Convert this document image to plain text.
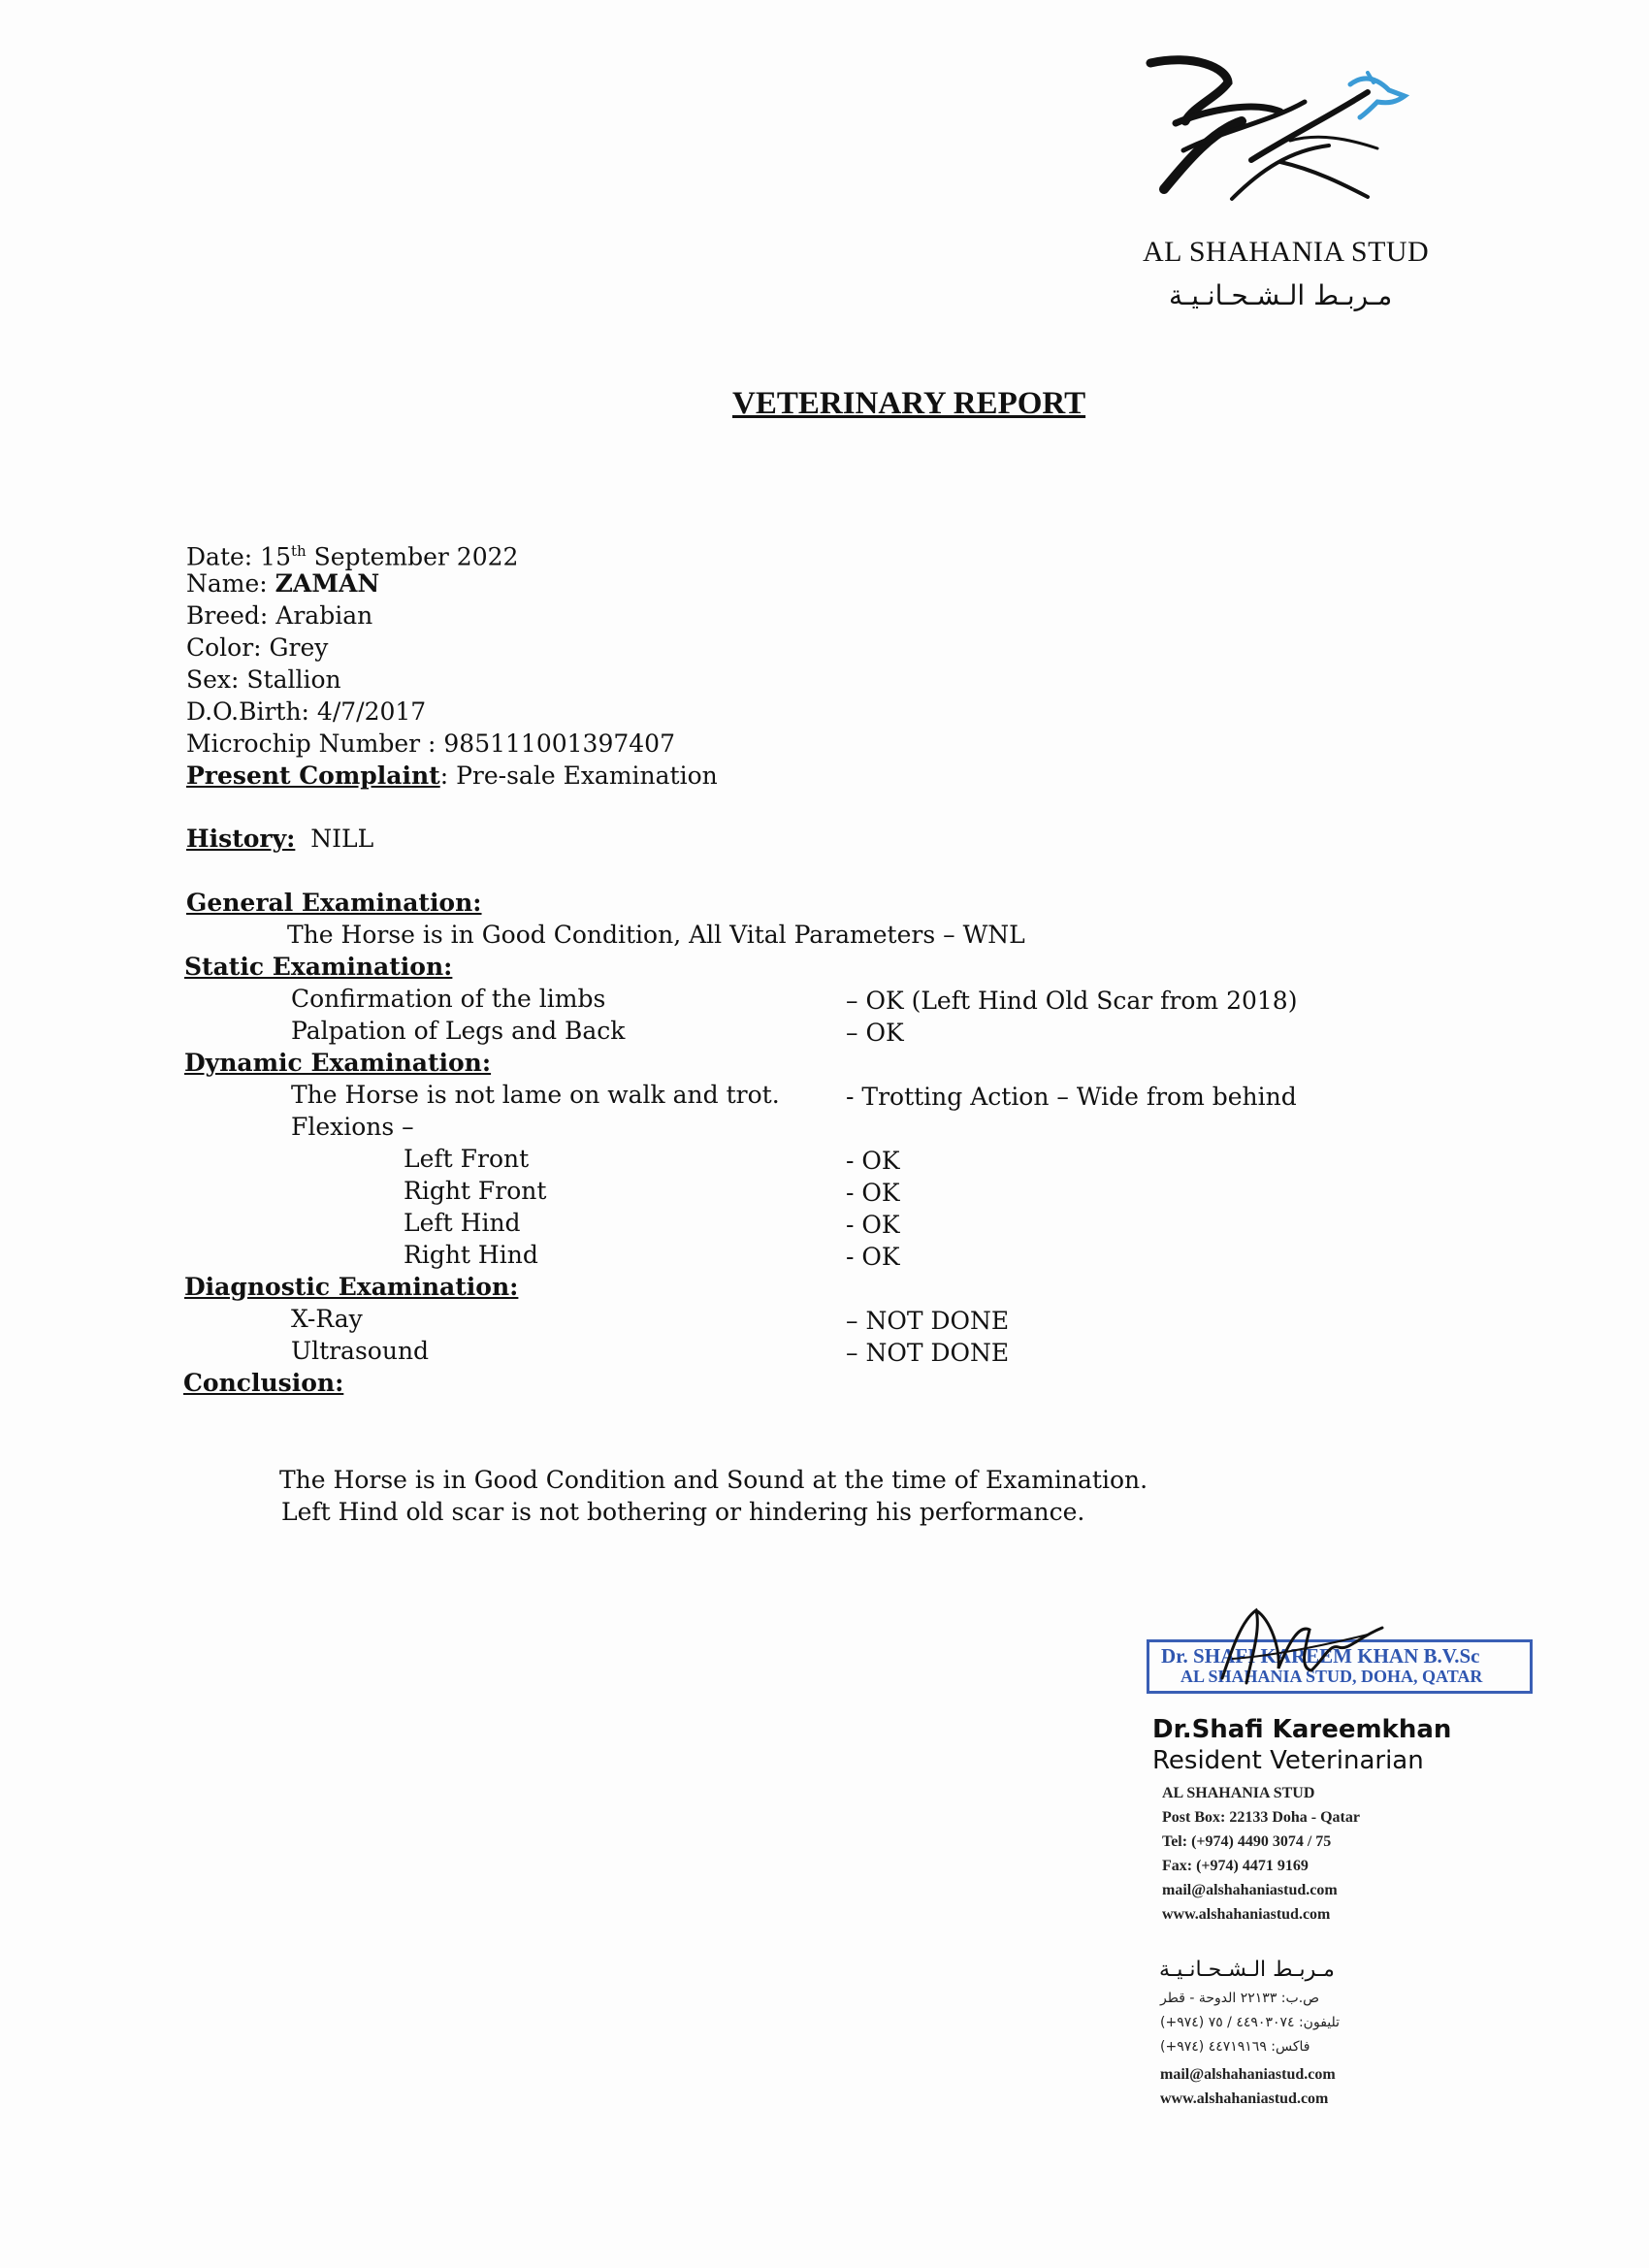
AL SHAHANIA STUD
مـربـط الـشـحـانـيـة
VETERINARY REPORT
Date: 15th September 2022
Name: ZAMAN
Breed: Arabian
Color: Grey
Sex: Stallion
D.O.Birth: 4/7/2017
Microchip Number : 985111001397407
Present Complaint: Pre-sale Examination
History: NILL
General Examination:
The Horse is in Good Condition, All Vital Parameters – WNL
Static Examination:
Confirmation of the limbs	– OK (Left Hind Old Scar from 2018)
Palpation of Legs and Back	– OK
Dynamic Examination:
The Horse is not lame on walk and trot.	- Trotting Action – Wide from behind
Flexions –
Left Front	- OK
Right Front	- OK
Left Hind	- OK
Right Hind	- OK
Diagnostic Examination:
X-Ray	– NOT DONE
Ultrasound	– NOT DONE
Conclusion:
The Horse is in Good Condition and Sound at the time of Examination.
Left Hind old scar is not bothering or hindering his performance.
Dr. SHAFI KAREEM KHAN B.V.Sc
AL SHAHANIA STUD, DOHA, QATAR
Dr.Shafi Kareemkhan
Resident Veterinarian
AL SHAHANIA STUD
Post Box: 22133 Doha - Qatar
Tel: (+974) 4490 3074 / 75
Fax: (+974) 4471 9169
mail@alshahaniastud.com
www.alshahaniastud.com
مـربـط الـشـحـانـيـة
ص.ب: ٢٢١٣٣ الدوحة - قطر
تليفون: ٤٤٩٠٣٠٧٤ / ٧٥ (٩٧٤+)
فاكس: ٤٤٧١٩١٦٩ (٩٧٤+)
mail@alshahaniastud.com
www.alshahaniastud.com
